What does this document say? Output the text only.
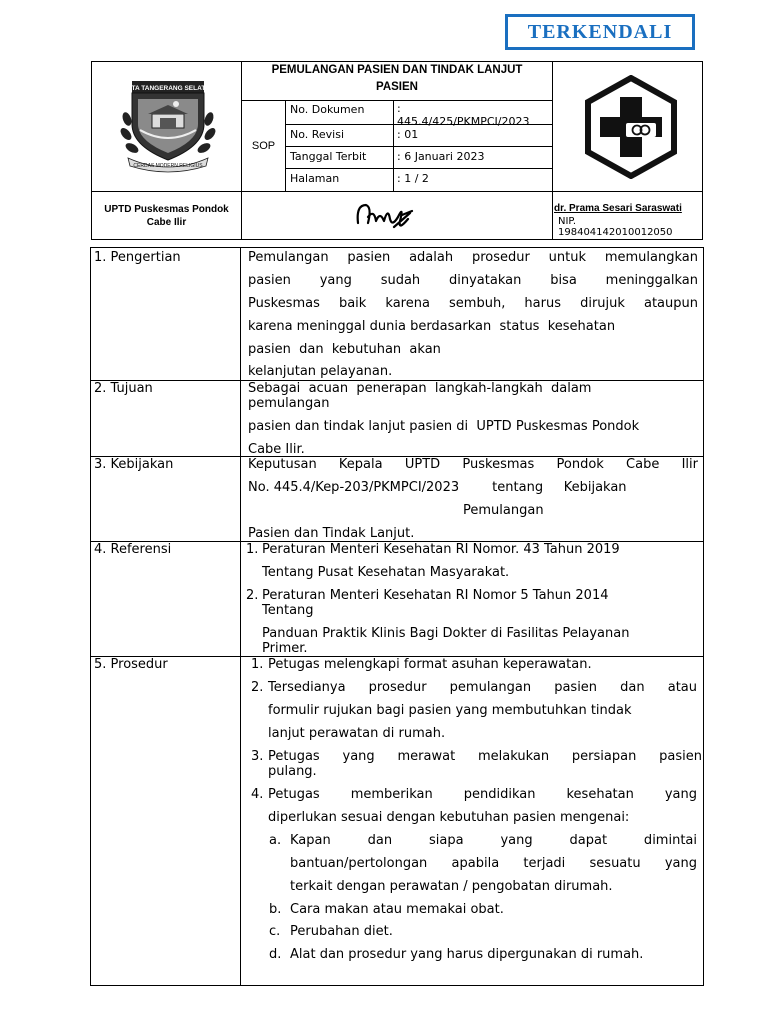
TERKENDALI
KOTA TANGERANG SELATAN
CERDAS MODERN RELIGIUS
PEMULANGAN PASIEN DAN TINDAK LANJUT
PASIEN
SOP
No. Dokumen	:
445.4/425/PKMPCI/2023
No. Revisi	: 01
Tanggal Terbit	: 6 Januari 2023
Halaman	: 1 / 2
UPTD Puskesmas Pondok
Cabe Ilir
dr. Prama Sesari Saraswati
NIP.
198404142010012050
1. Pengertian	Pemulangan pasien adalah prosedur untuk memulangkan
pasien yang sudah dinyatakan bisa meninggalkan
Puskesmas baik karena sembuh, harus dirujuk ataupun
karena meninggal dunia berdasarkan  status  kesehatan
pasien  dan  kebutuhan  akan
kelanjutan pelayanan.
2. Tujuan	Sebagai  acuan  penerapan  langkah-langkah  dalam
pemulangan
pasien dan tindak lanjut pasien di  UPTD Puskesmas Pondok
Cabe Ilir.
3. Kebijakan	Keputusan Kepala UPTD Puskesmas Pondok Cabe Ilir
No. 445.4/Kep-203/PKMPCI/2023        tentang     Kebijakan
Pemulangan
Pasien dan Tindak Lanjut.
4. Referensi	1. Peraturan Menteri Kesehatan RI Nomor. 43 Tahun 2019
Tentang Pusat Kesehatan Masyarakat.
2. Peraturan Menteri Kesehatan RI Nomor 5 Tahun 2014
Tentang
Panduan Praktik Klinis Bagi Dokter di Fasilitas Pelayanan
Primer.
5. Prosedur	1. Petugas melengkapi format asuhan keperawatan.
2. Tersedianya prosedur pemulangan pasien dan atau
formulir rujukan bagi pasien yang membutuhkan tindak
lanjut perawatan di rumah.
3. Petugas yang merawat melakukan persiapan pasien
pulang.
4. Petugas memberikan pendidikan kesehatan yang
diperlukan sesuai dengan kebutuhan pasien mengenai:
a. Kapan dan siapa yang dapat dimintai
bantuan/pertolongan apabila terjadi sesuatu yang
terkait dengan perawatan / pengobatan dirumah.
b. Cara makan atau memakai obat.
c. Perubahan diet.
d. Alat dan prosedur yang harus dipergunakan di rumah.
